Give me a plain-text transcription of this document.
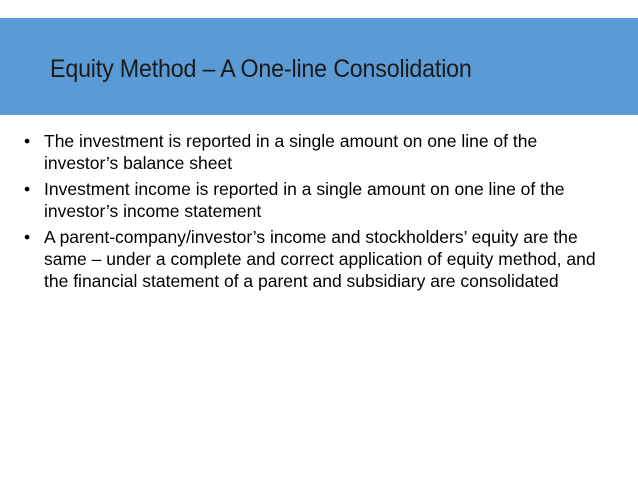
Equity Method – A One-line Consolidation
• The investment is reported in a single amount on one line of the investor’s balance sheet
• Investment income is reported in a single amount on one line of the investor’s income statement
• A parent-company/investor’s income and stockholders’ equity are the same – under a complete and correct application of equity method, and the financial statement of a parent and subsidiary are consolidated
